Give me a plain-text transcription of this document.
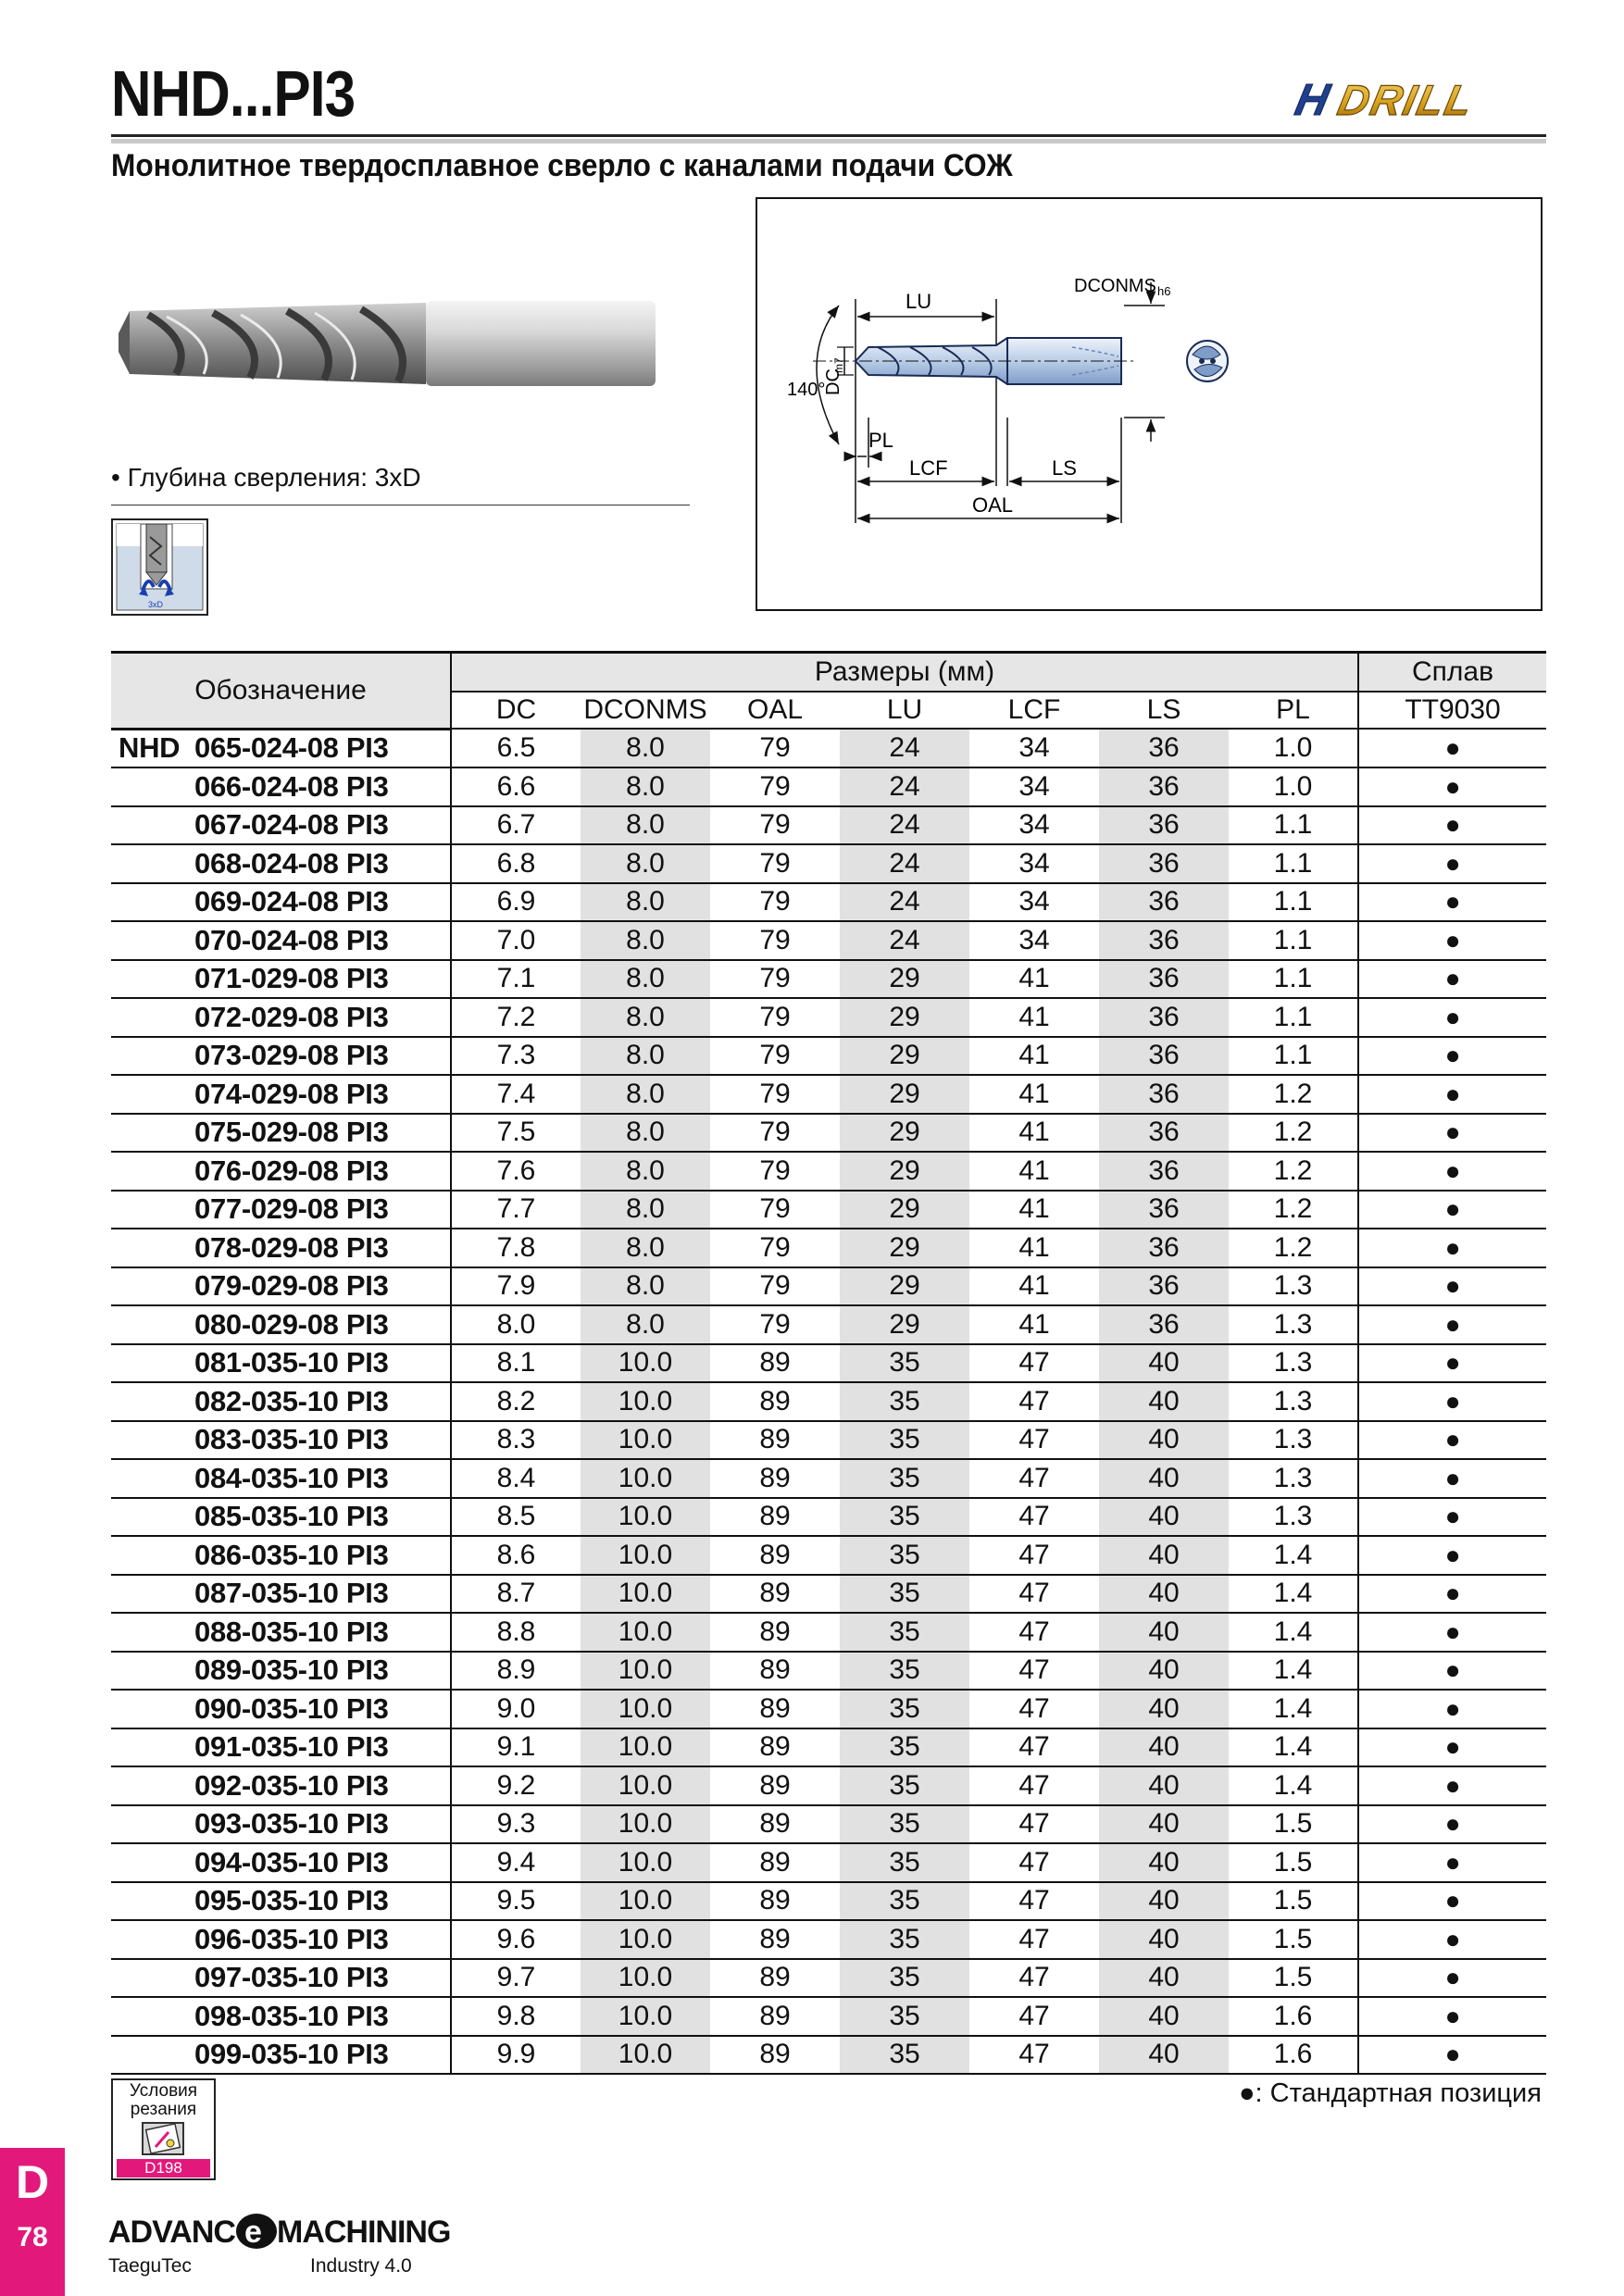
NHD...PI3	H DRILL
Монолитное твердосплавное сверло с каналами подачи СОЖ
• Глубина сверления: 3xD
3xD
LU
DCONMS h6
140°
DC
m7
PL
LCF	LS
OAL
Обозначение	Размеры (мм)							Сплав
	DC	DCONMS	OAL	LU	LCF	LS	PL	TT9030
NHD 065-024-08 PI3	6.5	8.0	79	24	34	36	1.0	●
066-024-08 PI3	6.6	8.0	79	24	34	36	1.0	●
067-024-08 PI3	6.7	8.0	79	24	34	36	1.1	●
068-024-08 PI3	6.8	8.0	79	24	34	36	1.1	●
069-024-08 PI3	6.9	8.0	79	24	34	36	1.1	●
070-024-08 PI3	7.0	8.0	79	24	34	36	1.1	●
071-029-08 PI3	7.1	8.0	79	29	41	36	1.1	●
072-029-08 PI3	7.2	8.0	79	29	41	36	1.1	●
073-029-08 PI3	7.3	8.0	79	29	41	36	1.1	●
074-029-08 PI3	7.4	8.0	79	29	41	36	1.2	●
075-029-08 PI3	7.5	8.0	79	29	41	36	1.2	●
076-029-08 PI3	7.6	8.0	79	29	41	36	1.2	●
077-029-08 PI3	7.7	8.0	79	29	41	36	1.2	●
078-029-08 PI3	7.8	8.0	79	29	41	36	1.2	●
079-029-08 PI3	7.9	8.0	79	29	41	36	1.3	●
080-029-08 PI3	8.0	8.0	79	29	41	36	1.3	●
081-035-10 PI3	8.1	10.0	89	35	47	40	1.3	●
082-035-10 PI3	8.2	10.0	89	35	47	40	1.3	●
083-035-10 PI3	8.3	10.0	89	35	47	40	1.3	●
084-035-10 PI3	8.4	10.0	89	35	47	40	1.3	●
085-035-10 PI3	8.5	10.0	89	35	47	40	1.3	●
086-035-10 PI3	8.6	10.0	89	35	47	40	1.4	●
087-035-10 PI3	8.7	10.0	89	35	47	40	1.4	●
088-035-10 PI3	8.8	10.0	89	35	47	40	1.4	●
089-035-10 PI3	8.9	10.0	89	35	47	40	1.4	●
090-035-10 PI3	9.0	10.0	89	35	47	40	1.4	●
091-035-10 PI3	9.1	10.0	89	35	47	40	1.4	●
092-035-10 PI3	9.2	10.0	89	35	47	40	1.4	●
093-035-10 PI3	9.3	10.0	89	35	47	40	1.5	●
094-035-10 PI3	9.4	10.0	89	35	47	40	1.5	●
095-035-10 PI3	9.5	10.0	89	35	47	40	1.5	●
096-035-10 PI3	9.6	10.0	89	35	47	40	1.5	●
097-035-10 PI3	9.7	10.0	89	35	47	40	1.5	●
098-035-10 PI3	9.8	10.0	89	35	47	40	1.6	●
099-035-10 PI3	9.9	10.0	89	35	47	40	1.6	●
●: Стандартная позиция
Условия резания
D198
D
78	ADVANC e MACHINING
TaeguTec	Industry 4.0
